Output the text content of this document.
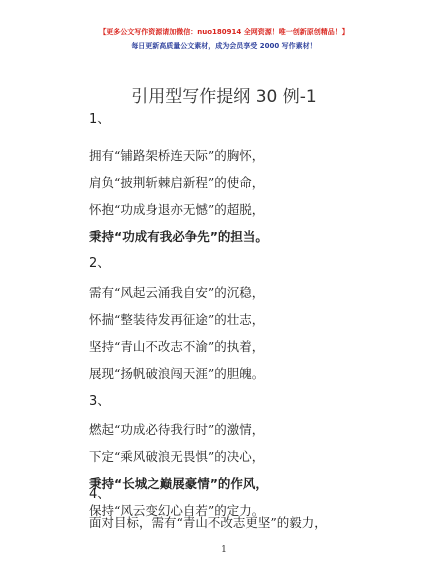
【更多公文写作资源请加微信：nuo180914 全网资源！唯一创新原创精品！】
每日更新高质量公文素材，成为会员享受 2000 写作素材！
引用型写作提纲 30 例-1
1、
拥有“铺路架桥连天际”的胸怀，
肩负“披荆斩棘启新程”的使命，
怀抱“功成身退亦无憾”的超脱，
秉持“功成有我必争先”的担当。
2、
需有“风起云涌我自安”的沉稳，
怀揣“整装待发再征途”的壮志，
坚持“青山不改志不渝”的执着，
展现“扬帆破浪闯天涯”的胆魄。
3、
燃起“功成必待我行时”的激情，
下定“乘风破浪无畏惧”的决心，
秉持“长城之巅展豪情”的作风，
保持“风云变幻心自若”的定力。
1
4、
面对目标，需有“青山不改志更坚”的毅力，
